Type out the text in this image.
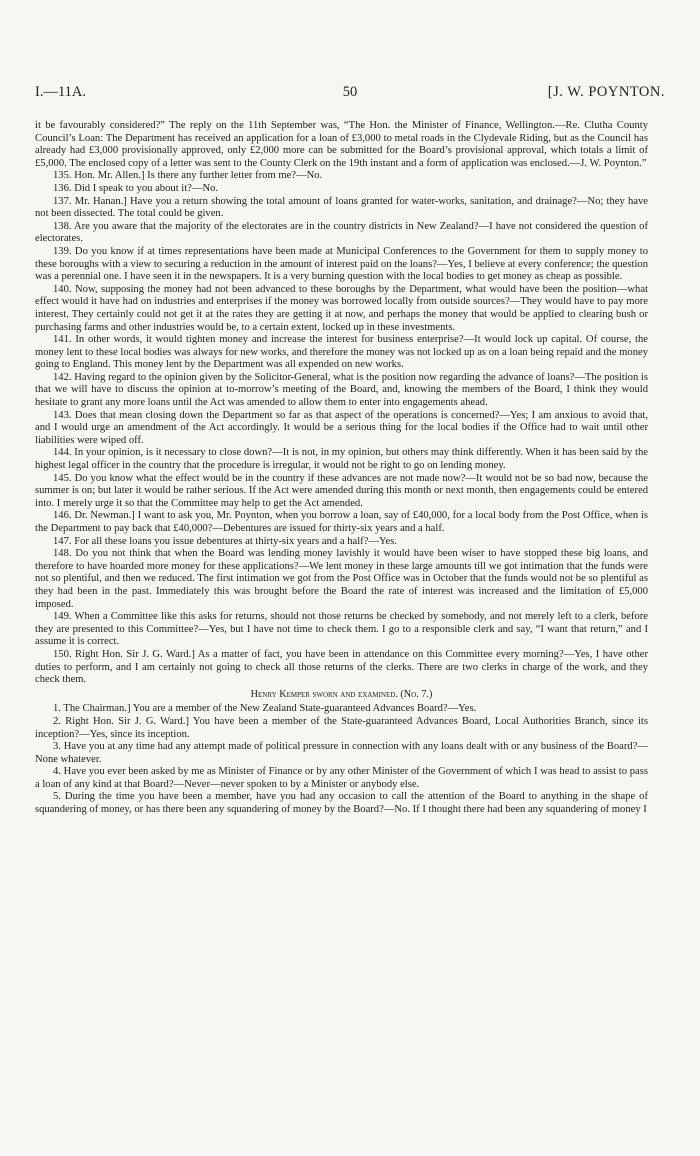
I.—11A.	50	[J. W. POYNTON.

it be favourably considered?” The reply on the 11th September was, “The Hon. the Minister of Finance, Wellington.—Re. Clutha County Council’s Loan: The Department has received an application for a loan of £3,000 to metal roads in the Clydevale Riding, but as the Council has already had £3,000 provisionally approved, only £2,000 more can be submitted for the Board’s provisional approval, which totals a limit of £5,000. The enclosed copy of a letter was sent to the County Clerk on the 19th instant and a form of application was enclosed.—J. W. Poynton.”

135. Hon. Mr. Allen.] Is there any further letter from me?—No.

136. Did I speak to you about it?—No.

137. Mr. Hanan.] Have you a return showing the total amount of loans granted for water-works, sanitation, and drainage?—No; they have not been dissected. The total could be given.

138. Are you aware that the majority of the electorates are in the country districts in New Zealand?—I have not considered the question of electorates.

139. Do you know if at times representations have been made at Municipal Conferences to the Government for them to supply money to these boroughs with a view to securing a reduction in the amount of interest paid on the loans?—Yes, I believe at every conference; the question was a perennial one. I have seen it in the newspapers. It is a very burning question with the local bodies to get money as cheap as possible.

140. Now, supposing the money had not been advanced to these boroughs by the Department, what would have been the position—what effect would it have had on industries and enterprises if the money was borrowed locally from outside sources?—They would have to pay more interest. They certainly could not get it at the rates they are getting it at now, and perhaps the money that would be applied to clearing bush or purchasing farms and other industries would be, to a certain extent, locked up in these investments.

141. In other words, it would tighten money and increase the interest for business enterprise?—It would lock up capital. Of course, the money lent to these local bodies was always for new works, and therefore the money was not locked up as on a loan being repaid and the money going to England. This money lent by the Department was all expended on new works.

142. Having regard to the opinion given by the Solicitor-General, what is the position now regarding the advance of loans?—The position is that we will have to discuss the opinion at to-morrow’s meeting of the Board, and, knowing the members of the Board, I think they would hesitate to grant any more loans until the Act was amended to allow them to enter into engagements ahead.

143. Does that mean closing down the Department so far as that aspect of the operations is concerned?—Yes; I am anxious to avoid that, and I would urge an amendment of the Act accordingly. It would be a serious thing for the local bodies if the Office had to wait until other liabilities were wiped off.

144. In your opinion, is it necessary to close down?—It is not, in my opinion, but others may think differently. When it has been said by the highest legal officer in the country that the procedure is irregular, it would not be right to go on lending money.

145. Do you know what the effect would be in the country if these advances are not made now?—It would not be so bad now, because the summer is on; but later it would be rather serious. If the Act were amended during this month or next month, then engagements could be entered into. I merely urge it so that the Committee may help to get the Act amended.

146. Dr. Newman.] I want to ask you, Mr. Poynton, when you borrow a loan, say of £40,000, for a local body from the Post Office, when is the Department to pay back that £40,000?—Debentures are issued for thirty-six years and a half.

147. For all these loans you issue debentures at thirty-six years and a half?—Yes.

148. Do you not think that when the Board was lending money lavishly it would have been wiser to have stopped these big loans, and therefore to have hoarded more money for these applications?—We lent money in these large amounts till we got intimation that the funds were not so plentiful, and then we reduced. The first intimation we got from the Post Office was in October that the funds would not be so plentiful as they had been in the past. Immediately this was brought before the Board the rate of interest was increased and the limitation of £5,000 imposed.

149. When a Committee like this asks for returns, should not those returns be checked by somebody, and not merely left to a clerk, before they are presented to this Committee?—Yes, but I have not time to check them. I go to a responsible clerk and say, “I want that return,” and I assume it is correct.

150. Right Hon. Sir J. G. Ward.] As a matter of fact, you have been in attendance on this Committee every morning?—Yes, I have other duties to perform, and I am certainly not going to check all those returns of the clerks. There are two clerks in charge of the work, and they check them.

Henry Kemper sworn and examined. (No. 7.)

1. The Chairman.] You are a member of the New Zealand State-guaranteed Advances Board?—Yes.

2. Right Hon. Sir J. G. Ward.] You have been a member of the State-guaranteed Advances Board, Local Authorities Branch, since its inception?—Yes, since its inception.

3. Have you at any time had any attempt made of political pressure in connection with any loans dealt with or any business of the Board?—None whatever.

4. Have you ever been asked by me as Minister of Finance or by any other Minister of the Government of which I was head to assist to pass a loan of any kind at that Board?—Never—never spoken to by a Minister or anybody else.

5. During the time you have been a member, have you had any occasion to call the attention of the Board to anything in the shape of squandering of money, or has there been any squandering of money by the Board?—No. If I thought there had been any squandering of money I
